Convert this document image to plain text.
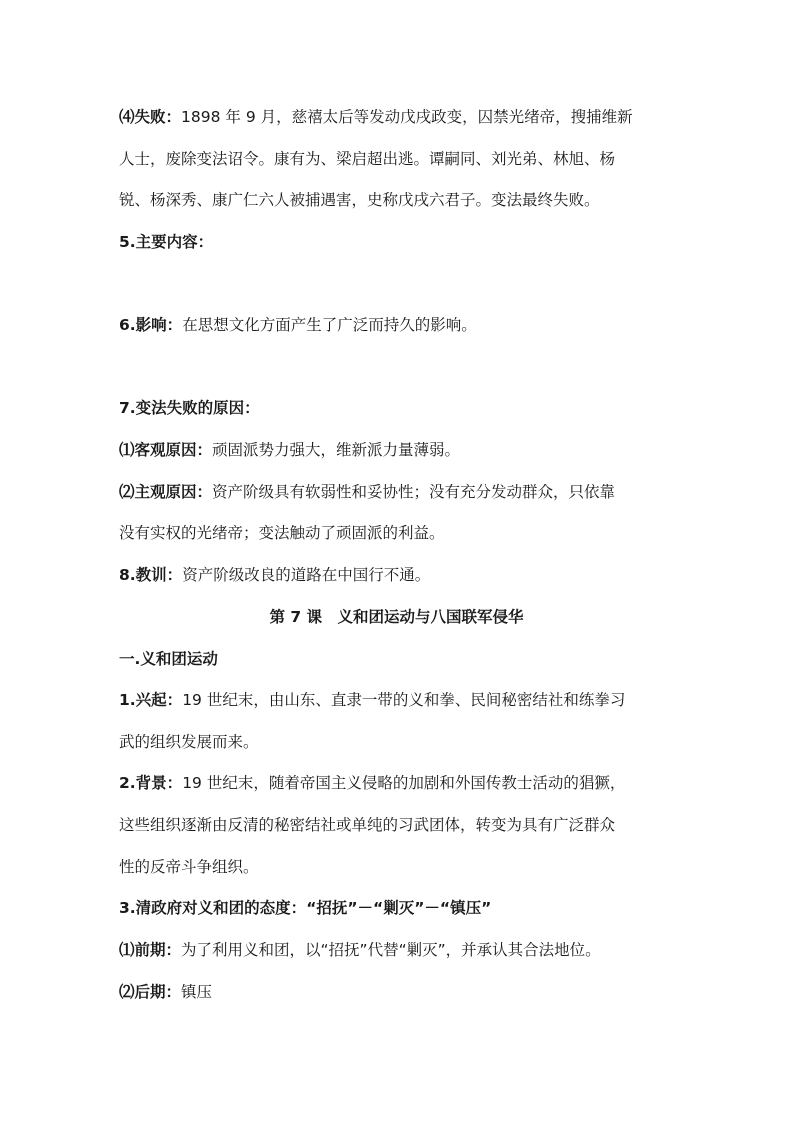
⑷失败：1898 年 9 月，慈禧太后等发动戊戌政变，囚禁光绪帝，搜捕维新
人士，废除变法诏令。康有为、梁启超出逃。谭嗣同、刘光弟、林旭、杨
锐、杨深秀、康广仁六人被捕遇害，史称戊戌六君子。变法最终失败。
5.主要内容：
6.影响：在思想文化方面产生了广泛而持久的影响。
7.变法失败的原因：
⑴客观原因：顽固派势力强大，维新派力量薄弱。
⑵主观原因：资产阶级具有软弱性和妥协性；没有充分发动群众，只依靠
没有实权的光绪帝；变法触动了顽固派的利益。
8.教训：资产阶级改良的道路在中国行不通。
第 7 课　义和团运动与八国联军侵华
一.义和团运动
1.兴起：19 世纪末，由山东、直隶一带的义和拳、民间秘密结社和练拳习
武的组织发展而来。
2.背景：19 世纪末，随着帝国主义侵略的加剧和外国传教士活动的猖獗，
这些组织逐渐由反清的秘密结社或单纯的习武团体，转变为具有广泛群众
性的反帝斗争组织。
3.清政府对义和团的态度：“招抚”－“剿灭”－“镇压”
⑴前期：为了利用义和团，以“招抚”代替“剿灭”，并承认其合法地位。
⑵后期：镇压
